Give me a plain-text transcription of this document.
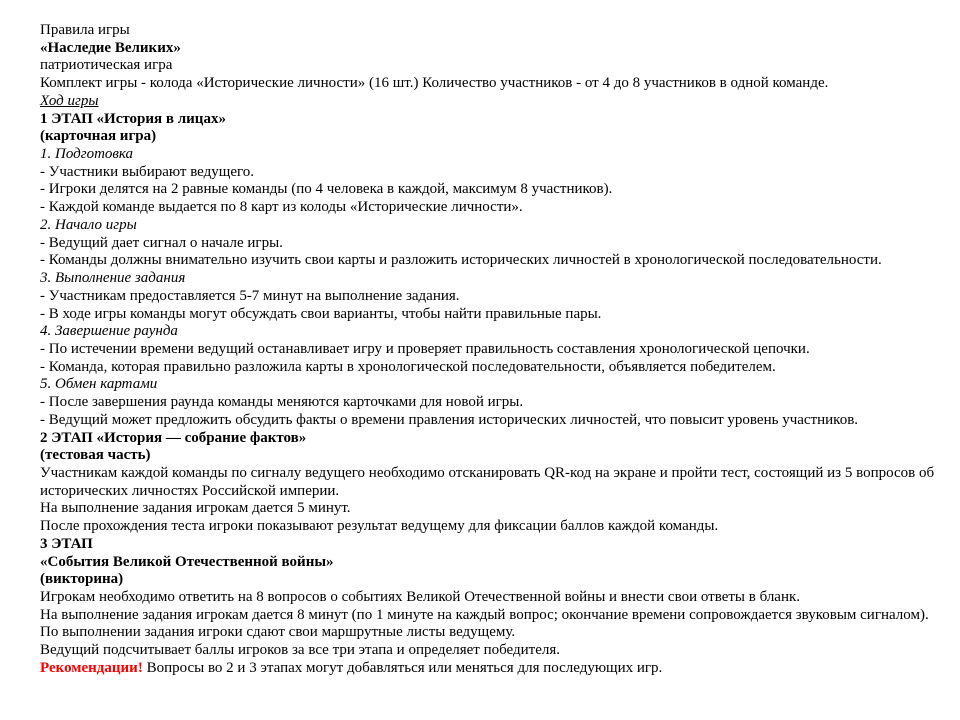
Правила игры

«Наследие Великих»

патриотическая игра

Комплект игры - колода «Исторические личности» (16 шт.) Количество участников - от 4 до 8 участников в одной команде.

Ход игры

1 ЭТАП «История в лицах»

(карточная игра)

1. Подготовка

- Участники выбирают ведущего.

- Игроки делятся на 2 равные команды (по 4 человека в каждой, максимум 8 участников).

- Каждой команде выдается по 8 карт из колоды «Исторические личности».

2. Начало игры

- Ведущий дает сигнал о начале игры.

- Команды должны внимательно изучить свои карты и разложить исторических личностей в хронологической последовательности.

3. Выполнение задания

- Участникам предоставляется 5-7 минут на выполнение задания.

- В ходе игры команды могут обсуждать свои варианты, чтобы найти правильные пары.

4. Завершение раунда

- По истечении времени ведущий останавливает игру и проверяет правильность составления хронологической цепочки.

- Команда, которая правильно разложила карты в хронологической последовательности, объявляется победителем.

5. Обмен картами

- После завершения раунда команды меняются карточками для новой игры.

- Ведущий может предложить обсудить факты о времени правления исторических личностей, что повысит уровень участников.

2 ЭТАП «История — собрание фактов»

(тестовая часть)

Участникам каждой команды по сигналу ведущего необходимо отсканировать QR-код на экране и пройти тест, состоящий из 5 вопросов об

исторических личностях Российской империи.

На выполнение задания игрокам дается 5 минут.

После прохождения теста игроки показывают результат ведущему для фиксации баллов каждой команды.

3 ЭТАП

«События Великой Отечественной войны»

(викторина)

Игрокам необходимо ответить на 8 вопросов о событиях Великой Отечественной войны и внести свои ответы в бланк.

На выполнение задания игрокам дается 8 минут (по 1 минуте на каждый вопрос; окончание времени сопровождается звуковым сигналом).

По выполнении задания игроки сдают свои маршрутные листы ведущему.

Ведущий подсчитывает баллы игроков за все три этапа и определяет победителя.

Рекомендации! Вопросы во 2 и 3 этапах могут добавляться или меняться для последующих игр.
